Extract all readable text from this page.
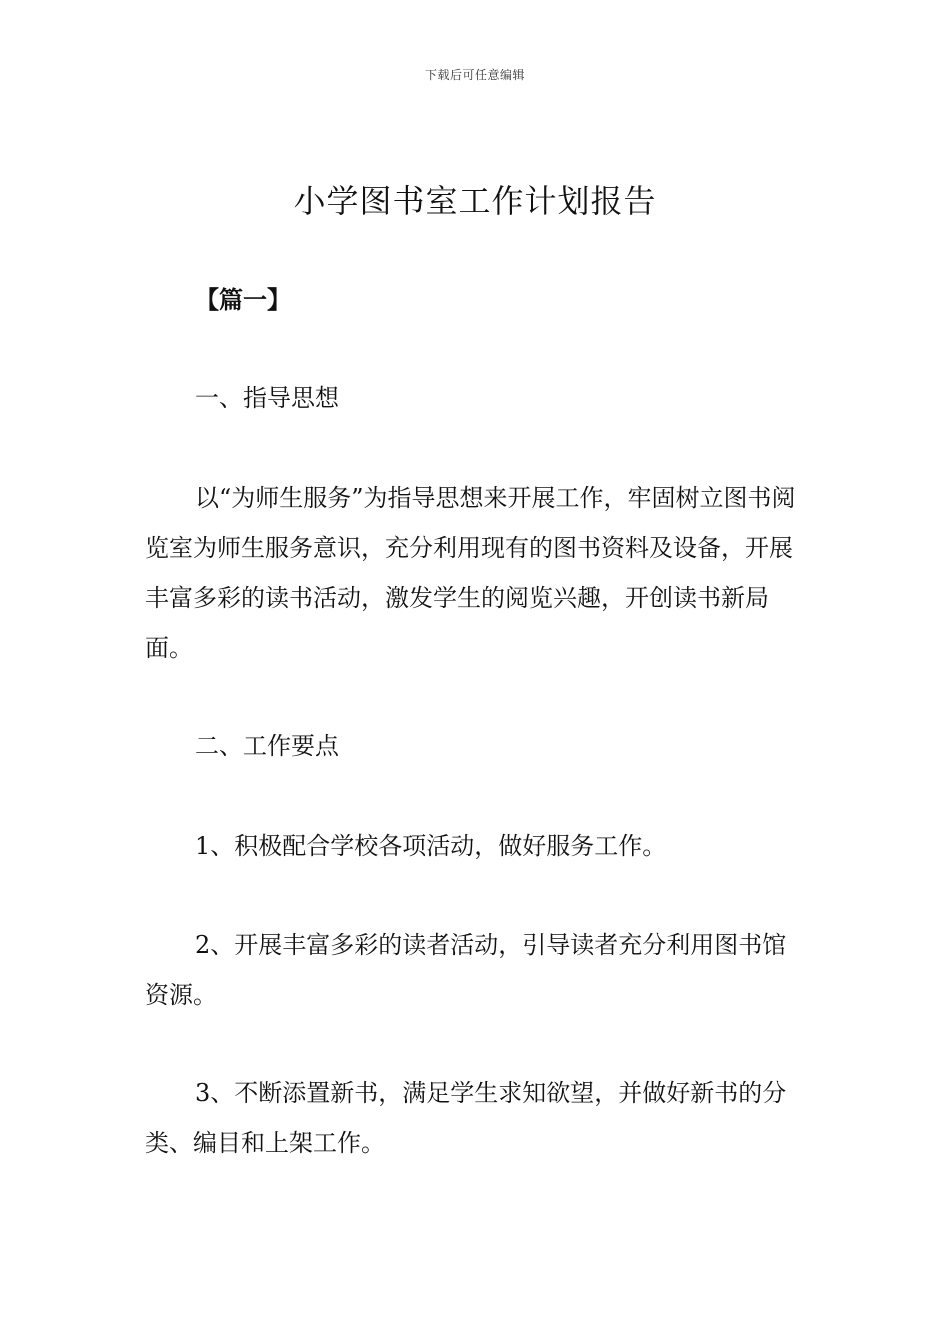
下载后可任意编辑
小学图书室工作计划报告

【篇一】

一、指导思想

以“为师生服务”为指导思想来开展工作，牢固树立图书阅览室为师生服务意识，充分利用现有的图书资料及设备，开展丰富多彩的读书活动，激发学生的阅览兴趣，开创读书新局面。

二、工作要点

1、积极配合学校各项活动，做好服务工作。

2、开展丰富多彩的读者活动，引导读者充分利用图书馆资源。

3、不断添置新书，满足学生求知欲望，并做好新书的分类、编目和上架工作。
